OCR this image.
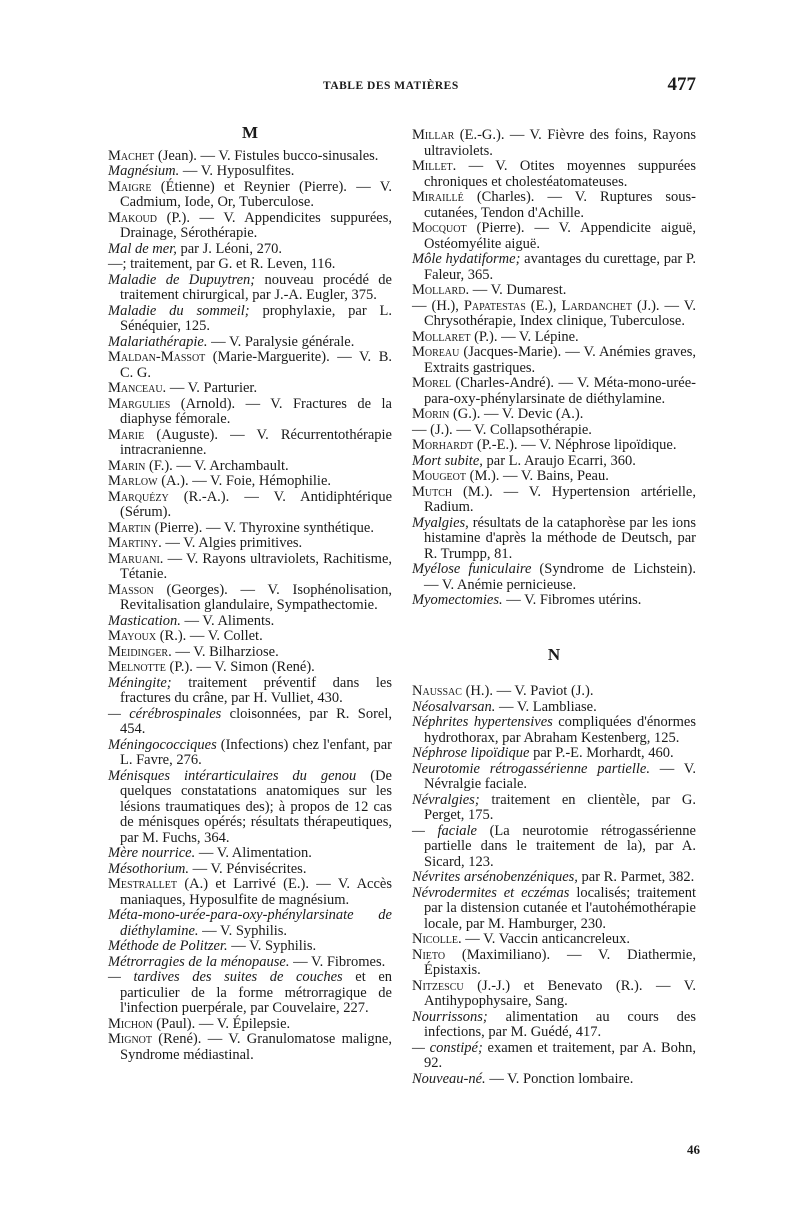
TABLE DES MATIÈRES	477
M
Machet (Jean). — V. Fistules bucco-sinusales.
Magnésium. — V. Hyposulfites.
Maigre (Étienne) et Reynier (Pierre). — V. Cadmium, Iode, Or, Tuberculose.
Makoud (P.). — V. Appendicites suppurées, Drainage, Sérothérapie.
Mal de mer, par J. Léoni, 270.
—; traitement, par G. et R. Leven, 116.
Maladie de Dupuytren; nouveau procédé de traitement chirurgical, par J.-A. Eugler, 375.
Maladie du sommeil; prophylaxie, par L. Sénéquier, 125.
Malariathérapie. — V. Paralysie générale.
Maldan-Massot (Marie-Marguerite). — V. B. C. G.
Manceau. — V. Parturier.
Margulies (Arnold). — V. Fractures de la diaphyse fémorale.
Marie (Auguste). — V. Récurrentothérapie intracranienne.
Marin (F.). — V. Archambault.
Marlow (A.). — V. Foie, Hémophilie.
Marquézy (R.-A.). — V. Antidiphtérique (Sérum).
Martin (Pierre). — V. Thyroxine synthétique.
Martiny. — V. Algies primitives.
Maruani. — V. Rayons ultraviolets, Rachitisme, Tétanie.
Masson (Georges). — V. Isophénolisation, Revitalisation glandulaire, Sympathectomie.
Mastication. — V. Aliments.
Mayoux (R.). — V. Collet.
Meidinger. — V. Bilharziose.
Melnotte (P.). — V. Simon (René).
Méningite; traitement préventif dans les fractures du crâne, par H. Vulliet, 430.
— cérébrospinales cloisonnées, par R. Sorel, 454.
Méningococciques (Infections) chez l'enfant, par L. Favre, 276.
Ménisques intérarticulaires du genou (De quelques constatations anatomiques sur les lésions traumatiques des); à propos de 12 cas de ménisques opérés; résultats thérapeutiques, par M. Fuchs, 364.
Mère nourrice. — V. Alimentation.
Mésothorium. — V. Pénvisécrites.
Mestrallet (A.) et Larrivé (E.). — V. Accès maniaques, Hyposulfite de magnésium.
Méta-mono-urée-para-oxy-phénylarsinate de diéthylamine. — V. Syphilis.
Méthode de Politzer. — V. Syphilis.
Métrorragies de la ménopause. — V. Fibromes.
— tardives des suites de couches et en particulier de la forme métrorragique de l'infection puerpérale, par Couvelaire, 227.
Michon (Paul). — V. Épilepsie.
Mignot (René). — V. Granulomatose maligne, Syndrome médiastinal.
Millar (E.-G.). — V. Fièvre des foins, Rayons ultraviolets.
Millet. — V. Otites moyennes suppurées chroniques et cholestéatomateuses.
Miraillé (Charles). — V. Ruptures sous-cutanées, Tendon d'Achille.
Mocquot (Pierre). — V. Appendicite aiguë, Ostéomyélite aiguë.
Môle hydatiforme; avantages du curettage, par P. Faleur, 365.
Mollard. — V. Dumarest.
— (H.), Papatestas (E.), Lardanchet (J.). — V. Chrysothérapie, Index clinique, Tuberculose.
Mollaret (P.). — V. Lépine.
Moreau (Jacques-Marie). — V. Anémies graves, Extraits gastriques.
Morel (Charles-André). — V. Méta-mono-urée-para-oxy-phénylarsinate de diéthylamine.
Morin (G.). — V. Devic (A.).
— (J.). — V. Collapsothérapie.
Morhardt (P.-E.). — V. Néphrose lipoïdique.
Mort subite, par L. Araujo Ecarri, 360.
Mougeot (M.). — V. Bains, Peau.
Mutch (M.). — V. Hypertension artérielle, Radium.
Myalgies, résultats de la cataphorèse par les ions histamine d'après la méthode de Deutsch, par R. Trumpp, 81.
Myélose funiculaire (Syndrome de Lichstein). — V. Anémie pernicieuse.
Myomectomies. — V. Fibromes utérins.
N
Naussac (H.). — V. Paviot (J.).
Néosalvarsan. — V. Lambliase.
Néphrites hypertensives compliquées d'énormes hydrothorax, par Abraham Kestenberg, 125.
Néphrose lipoïdique par P.-E. Morhardt, 460.
Neurotomie rétrogassérienne partielle. — V. Névralgie faciale.
Névralgies; traitement en clientèle, par G. Perget, 175.
— faciale (La neurotomie rétrogassérienne partielle dans le traitement de la), par A. Sicard, 123.
Névrites arsénobenzéniques, par R. Parmet, 382.
Névrodermites et eczémas localisés; traitement par la distension cutanée et l'autohémothérapie locale, par M. Hamburger, 230.
Nicolle. — V. Vaccin anticancreleux.
Nieto (Maximiliano). — V. Diathermie, Épistaxis.
Nitzescu (J.-J.) et Benevato (R.). — V. Antihypophysaire, Sang.
Nourrissons; alimentation au cours des infections, par M. Guédé, 417.
— constipé; examen et traitement, par A. Bohn, 92.
Nouveau-né. — V. Ponction lombaire.
46
